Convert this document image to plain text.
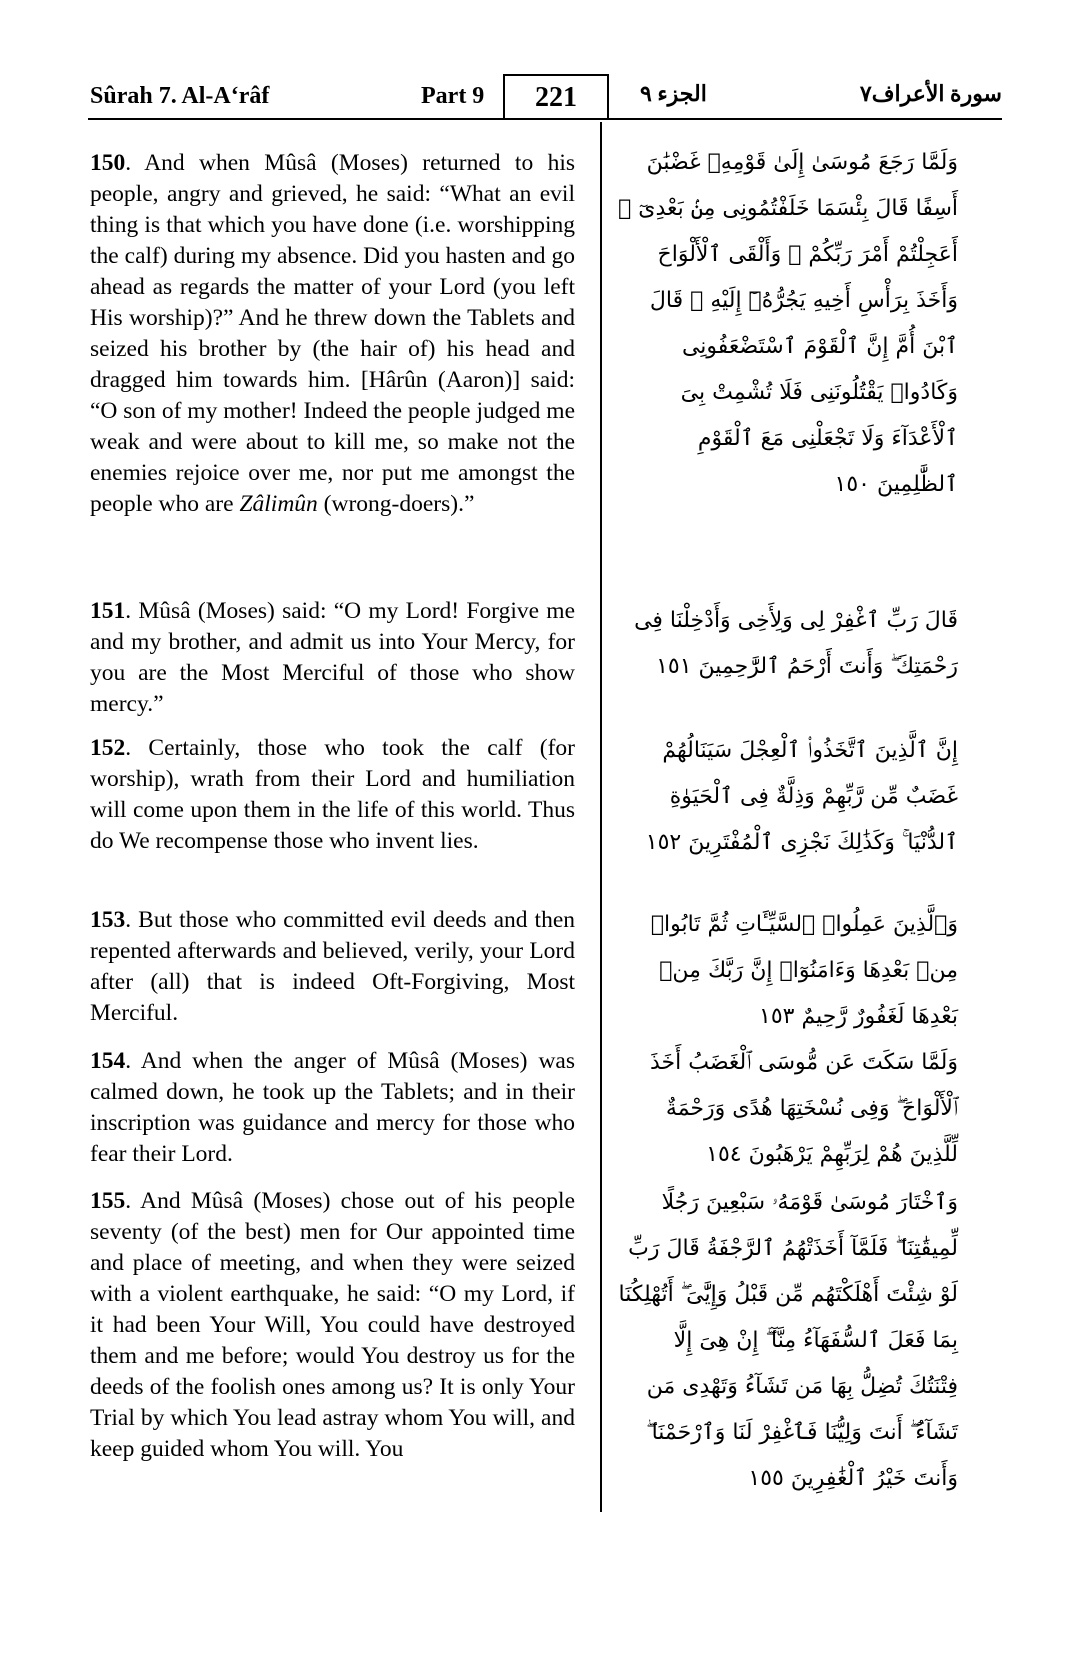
Sûrah 7. Al-A‘râf	Part 9	221	الجزء ٩	سورة الأعراف٧
150. And when Mûsâ (Moses) returned to his people, angry and grieved, he said: “What an evil thing is that which you have done (i.e. worshipping the calf) during my absence. Did you hasten and go ahead as regards the matter of your Lord (you left His worship)?” And he threw down the Tablets and seized his brother by (the hair of) his head and dragged him towards him. [Hârûn (Aaron)] said: “O son of my mother! Indeed the people judged me weak and were about to kill me, so make not the enemies rejoice over me, nor put me amongst the people who are Zâlimûn (wrong-doers).”
وَلَمَّا رَجَعَ مُوسَىٰ إِلَىٰ قَوْمِهِۦ غَضْبَٰنَ أَسِفًا قَالَ بِئْسَمَا خَلَفْتُمُونِى مِنۢ بَعْدِىٓ ۖ أَعَجِلْتُمْ أَمْرَ رَبِّكُمْ ۖ وَأَلْقَى ٱلْأَلْوَاحَ وَأَخَذَ بِرَأْسِ أَخِيهِ يَجُرُّهُۥٓ إِلَيْهِ ۚ قَالَ ٱبْنَ أُمَّ إِنَّ ٱلْقَوْمَ ٱسْتَضْعَفُونِى وَكَادُوا۟ يَقْتُلُونَنِى فَلَا تُشْمِتْ بِىَ ٱلْأَعْدَآءَ وَلَا تَجْعَلْنِى مَعَ ٱلْقَوْمِ ٱلظَّٰلِمِينَ ١٥٠
151. Mûsâ (Moses) said: “O my Lord! Forgive me and my brother, and admit us into Your Mercy, for you are the Most Merciful of those who show mercy.”
قَالَ رَبِّ ٱغْفِرْ لِى وَلِأَخِى وَأَدْخِلْنَا فِى رَحْمَتِكَ ۖ وَأَنتَ أَرْحَمُ ٱلرَّٰحِمِينَ ١٥١
152. Certainly, those who took the calf (for worship), wrath from their Lord and humiliation will come upon them in the life of this world. Thus do We recompense those who invent lies.
إِنَّ ٱلَّذِينَ ٱتَّخَذُوا۟ ٱلْعِجْلَ سَيَنَالُهُمْ غَضَبٌ مِّن رَّبِّهِمْ وَذِلَّةٌ فِى ٱلْحَيَوٰةِ ٱلدُّنْيَا ۚ وَكَذَٰلِكَ نَجْزِى ٱلْمُفْتَرِينَ ١٥٢
153. But those who committed evil deeds and then repented afterwards and believed, verily, your Lord after (all) that is indeed Oft-Forgiving, Most Merciful.
وَٱلَّذِينَ عَمِلُوا۟ ٱلسَّيِّـَٔاتِ ثُمَّ تَابُوا۟ مِنۢ بَعْدِهَا وَءَامَنُوٓا۟ إِنَّ رَبَّكَ مِنۢ بَعْدِهَا لَغَفُورٌ رَّحِيمٌ ١٥٣
154. And when the anger of Mûsâ (Moses) was calmed down, he took up the Tablets; and in their inscription was guidance and mercy for those who fear their Lord.
وَلَمَّا سَكَتَ عَن مُّوسَى ٱلْغَضَبُ أَخَذَ ٱلْأَلْوَاحَ ۖ وَفِى نُسْخَتِهَا هُدًى وَرَحْمَةٌ لِّلَّذِينَ هُمْ لِرَبِّهِمْ يَرْهَبُونَ ١٥٤
155. And Mûsâ (Moses) chose out of his people seventy (of the best) men for Our appointed time and place of meeting, and when they were seized with a violent earthquake, he said: “O my Lord, if it had been Your Will, You could have destroyed them and me before; would You destroy us for the deeds of the foolish ones among us? It is only Your Trial by which You lead astray whom You will, and keep guided whom You will. You
وَٱخْتَارَ مُوسَىٰ قَوْمَهُۥ سَبْعِينَ رَجُلًا لِّمِيقَٰتِنَا ۖ فَلَمَّآ أَخَذَتْهُمُ ٱلرَّجْفَةُ قَالَ رَبِّ لَوْ شِئْتَ أَهْلَكْتَهُم مِّن قَبْلُ وَإِيَّٰىَ ۖ أَتُهْلِكُنَا بِمَا فَعَلَ ٱلسُّفَهَآءُ مِنَّآ ۖ إِنْ هِىَ إِلَّا فِتْنَتُكَ تُضِلُّ بِهَا مَن تَشَآءُ وَتَهْدِى مَن تَشَآءُ ۖ أَنتَ وَلِيُّنَا فَٱغْفِرْ لَنَا وَٱرْحَمْنَا ۖ وَأَنتَ خَيْرُ ٱلْغَٰفِرِينَ ١٥٥
